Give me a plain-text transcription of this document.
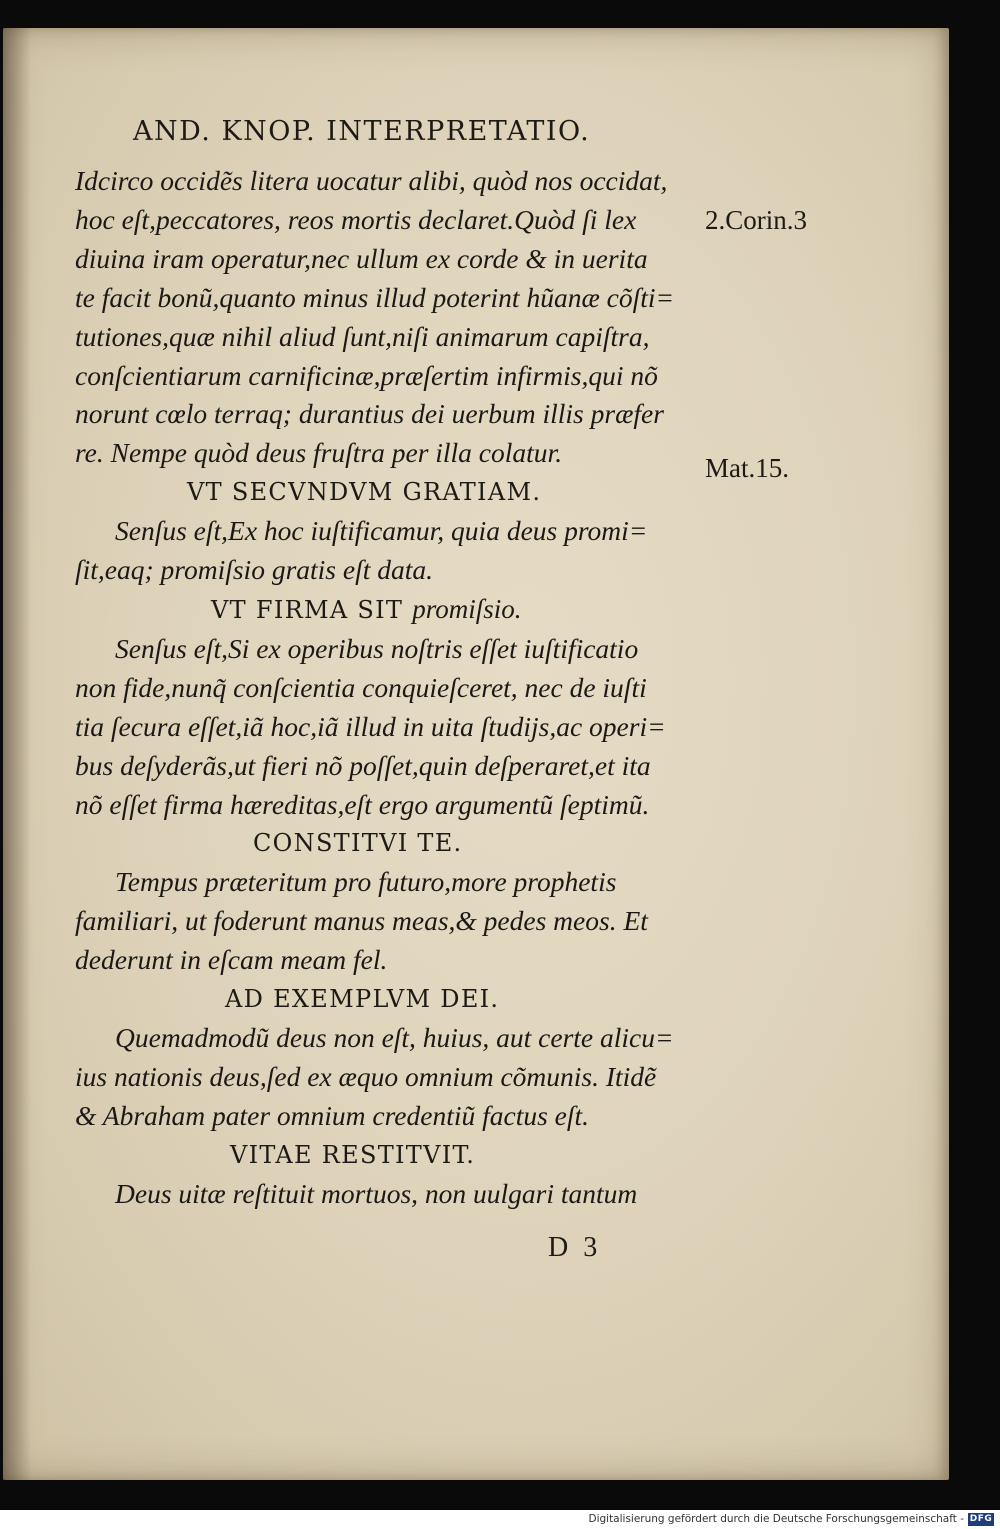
AND. KNOP. INTERPRETATIO.
Idcirco occidẽs litera uocatur alibi, quòd nos occidat,
hoc eſt,peccatores, reos mortis declaret.Quòd ſi lex
diuina iram operatur,nec ullum ex corde & in uerita
te facit bonũ,quanto minus illud poterint hũanæ cõſti=
tutiones,quæ nihil aliud ſunt,niſi animarum capiſtra,
conſcientiarum carnificinæ,præſertim infirmis,qui nõ
norunt cœlo terraq; durantius dei uerbum illis præfer
re. Nempe quòd deus fruſtra per illa colatur.
VT SECVNDVM GRATIAM.
Senſus eſt,Ex hoc iuſtificamur, quia deus promi=
ſit,eaq; promiſsio gratis eſt data.
VT FIRMA SIT promiſsio.
Senſus eſt,Si ex operibus noſtris eſſet iuſtificatio
non fide,nunq̃ conſcientia conquieſceret, nec de iuſti
tia ſecura eſſet,iã hoc,iã illud in uita ſtudijs,ac operi=
bus deſyderãs,ut fieri nõ poſſet,quin deſperaret,et ita
nõ eſſet firma hæreditas,eſt ergo argumentũ ſeptimũ.
CONSTITVI TE.
Tempus præteritum pro futuro,more prophetis
familiari, ut foderunt manus meas,& pedes meos. Et
dederunt in eſcam meam fel.
AD EXEMPLVM DEI.
Quemadmodũ deus non eſt, huius, aut certe alicu=
ius nationis deus,ſed ex æquo omnium cõmunis. Itidẽ
& Abraham pater omnium credentiũ factus eſt.
VITAE RESTITVIT.
Deus uitæ reſtituit mortuos, non uulgari tantum
2.Corin.3
Mat.15.
D 3
Digitalisierung gefördert durch die Deutsche Forschungsgemeinschaft - DFG
